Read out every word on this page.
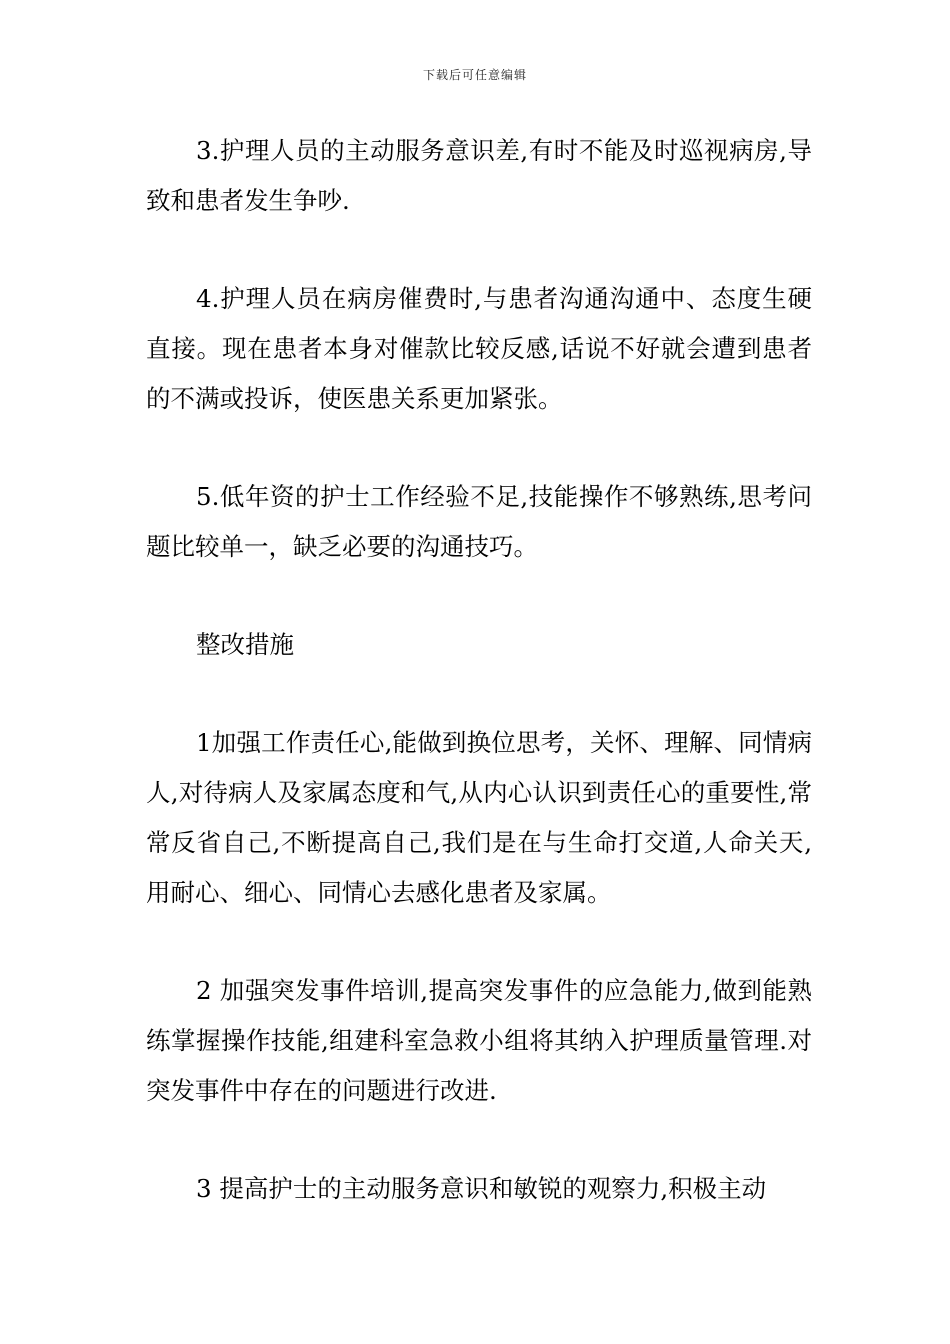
下载后可任意编辑

3.护理人员的主动服务意识差,有时不能及时巡视病房,导致和患者发生争吵.

4.护理人员在病房催费时,与患者沟通沟通中、态度生硬直接。现在患者本身对催款比较反感,话说不好就会遭到患者的不满或投诉，使医患关系更加紧张。

5.低年资的护士工作经验不足,技能操作不够熟练,思考问题比较单一，缺乏必要的沟通技巧。

整改措施

1加强工作责任心,能做到换位思考，关怀、理解、同情病人,对待病人及家属态度和气,从内心认识到责任心的重要性,常常反省自己,不断提高自己,我们是在与生命打交道,人命关天,用耐心、细心、同情心去感化患者及家属。

2 加强突发事件培训,提高突发事件的应急能力,做到能熟练掌握操作技能,组建科室急救小组将其纳入护理质量管理.对突发事件中存在的问题进行改进.

3 提高护士的主动服务意识和敏锐的观察力,积极主动
